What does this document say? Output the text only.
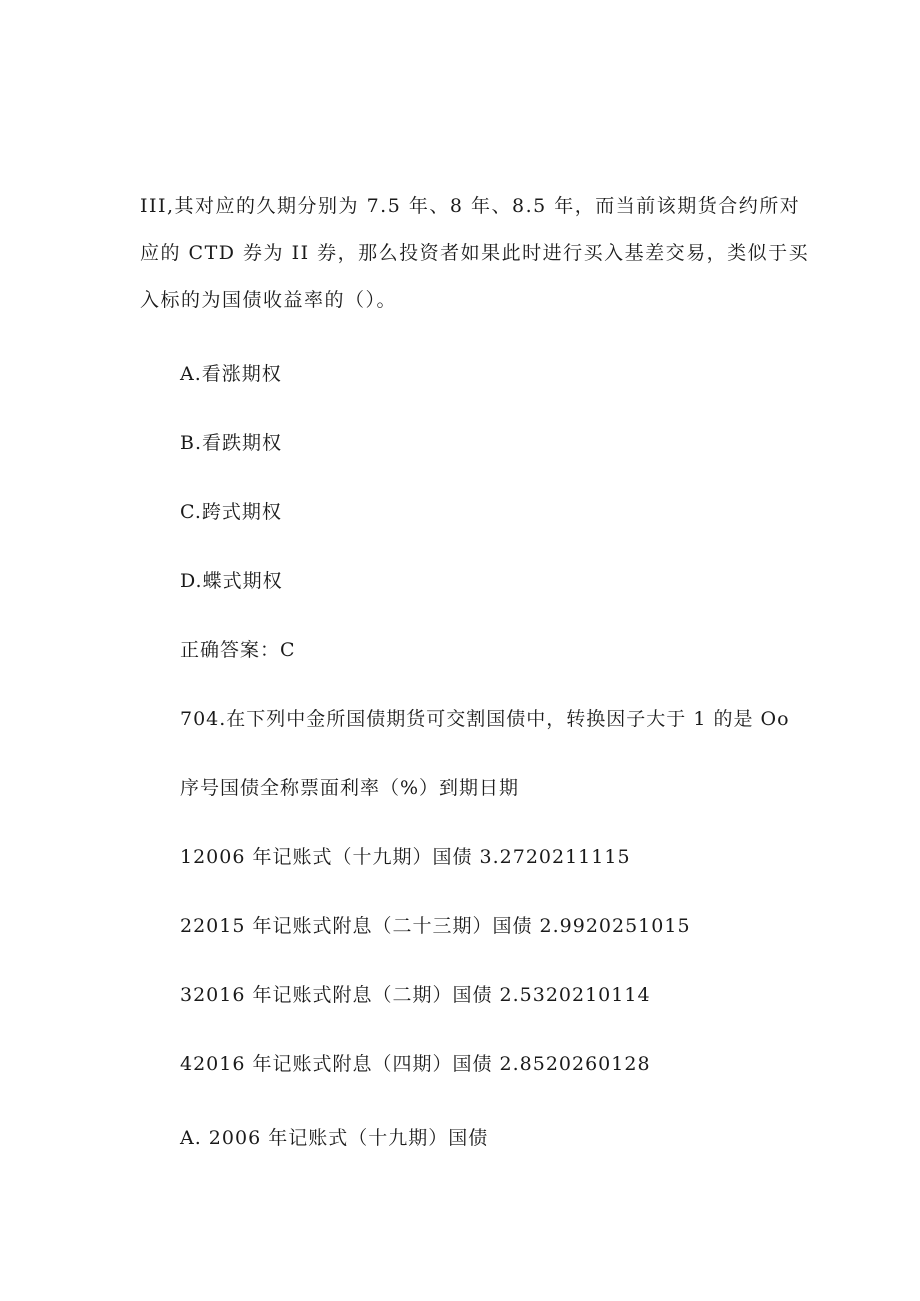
III,其对应的久期分别为 7.5 年、8 年、8.5 年，而当前该期货合约所对
应的 CTD 券为 II 券，那么投资者如果此时进行买入基差交易，类似于买
入标的为国债收益率的（）。
A.看涨期权
B.看跌期权
C.跨式期权
D.蝶式期权
正确答案：C
704.在下列中金所国债期货可交割国债中，转换因子大于 1 的是 Oo
序号国债全称票面利率（%）到期日期
12006 年记账式（十九期）国债 3.2720211115
22015 年记账式附息（二十三期）国债 2.9920251015
32016 年记账式附息（二期）国债 2.5320210114
42016 年记账式附息（四期）国债 2.8520260128
A. 2006 年记账式（十九期）国债
